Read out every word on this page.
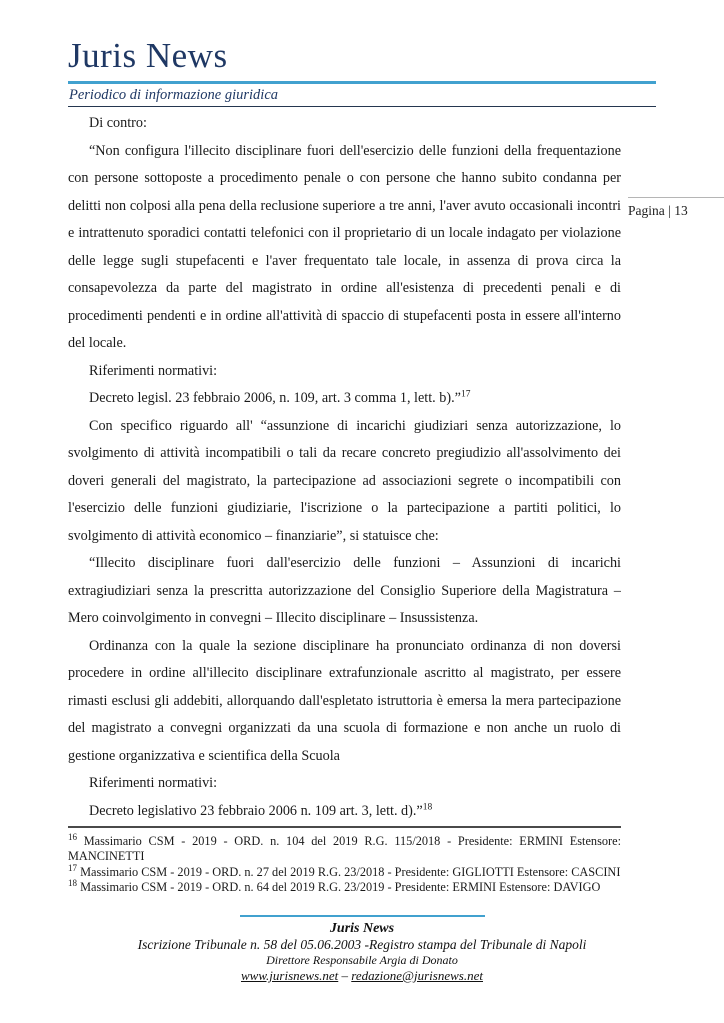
Juris News
Periodico di informazione giuridica
Pagina | 13

Di contro:

“Non configura l'illecito disciplinare fuori dell'esercizio delle funzioni della frequentazione con persone sottoposte a procedimento penale o con persone che hanno subito condanna per delitti non colposi alla pena della reclusione superiore a tre anni, l'aver avuto occasionali incontri e intrattenuto sporadici contatti telefonici con il proprietario di un locale indagato per violazione delle legge sugli stupefacenti e l'aver frequentato tale locale, in assenza di prova circa la consapevolezza da parte del magistrato in ordine all'esistenza di precedenti penali e di procedimenti pendenti e in ordine all'attività di spaccio di stupefacenti posta in essere all'interno del locale.

Riferimenti normativi:

Decreto legisl. 23 febbraio 2006, n. 109, art. 3 comma 1, lett. b).”$^{17}$

Con specifico riguardo all' “assunzione di incarichi giudiziari senza autorizzazione, lo svolgimento di attività incompatibili o tali da recare concreto pregiudizio all'assolvimento dei doveri generali del magistrato, la partecipazione ad associazioni segrete o incompatibili con l'esercizio delle funzioni giudiziarie, l'iscrizione o la partecipazione a partiti politici, lo svolgimento di attività economico – finanziarie”, si statuisce che:

“Illecito disciplinare fuori dall'esercizio delle funzioni – Assunzioni di incarichi extragiudiziari senza la prescritta autorizzazione del Consiglio Superiore della Magistratura – Mero coinvolgimento in convegni – Illecito disciplinare – Insussistenza.

Ordinanza con la quale la sezione disciplinare ha pronunciato ordinanza di non doversi procedere in ordine all'illecito disciplinare extrafunzionale ascritto al magistrato, per essere rimasti esclusi gli addebiti, allorquando dall'espletato istruttoria è emersa la mera partecipazione del magistrato a convegni organizzati da una scuola di formazione e non anche un ruolo di gestione organizzativa e scientifica della Scuola

Riferimenti normativi:

Decreto legislativo 23 febbraio 2006 n. 109 art. 3, lett. d).”$^{18}$

$^{16}$ Massimario CSM - 2019 - ORD. n. 104 del 2019 R.G. 115/2018 - Presidente: ERMINI Estensore: MANCINETTI
$^{17}$ Massimario CSM - 2019 - ORD. n. 27 del 2019 R.G. 23/2018 - Presidente: GIGLIOTTI Estensore: CASCINI
$^{18}$ Massimario CSM - 2019 - ORD. n. 64 del 2019 R.G. 23/2019 - Presidente: ERMINI Estensore: DAVIGO
Juris News
Iscrizione Tribunale n. 58 del 05.06.2003 -Registro stampa del Tribunale di Napoli
Direttore Responsabile Argia di Donato
www.jurisnews.net – redazione@jurisnews.net
